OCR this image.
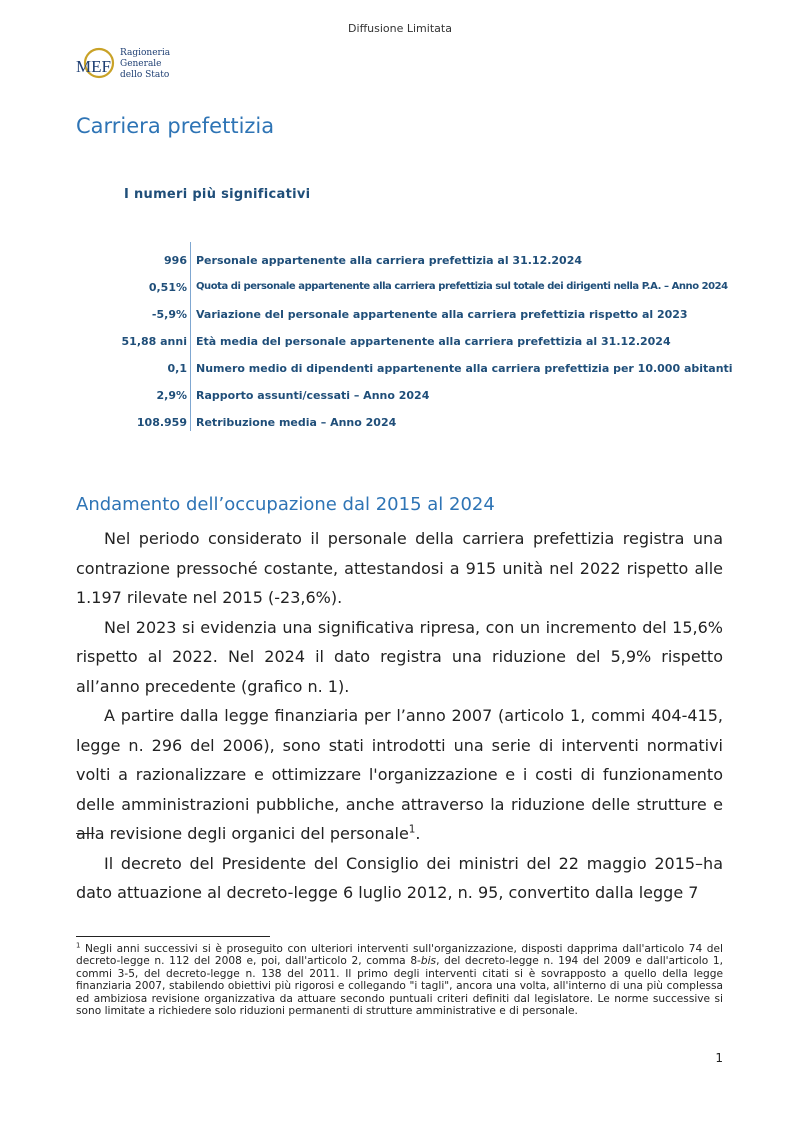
Diffusione Limitata
MEF
Ragioneria
Generale
dello Stato
Carriera prefettizia
I numeri più significativi
996 Personale appartenente alla carriera prefettizia al 31.12.2024
0,51% Quota di personale appartenente alla carriera prefettizia sul totale dei dirigenti nella P.A. – Anno 2024
-5,9% Variazione del personale appartenente alla carriera prefettizia rispetto al 2023
51,88 anni Età media del personale appartenente alla carriera prefettizia al 31.12.2024
0,1 Numero medio di dipendenti appartenente alla carriera prefettizia per 10.000 abitanti
2,9% Rapporto assunti/cessati – Anno 2024
108.959 Retribuzione media – Anno 2024
Andamento dell’occupazione dal 2015 al 2024

Nel periodo considerato il personale della carriera prefettizia registra una contrazione pressoché costante, attestandosi a 915 unità nel 2022 rispetto alle 1.197 rilevate nel 2015 (-23,6%).

Nel 2023 si evidenzia una significativa ripresa, con un incremento del 15,6% rispetto al 2022. Nel 2024 il dato registra una riduzione del 5,9% rispetto all’anno precedente (grafico n. 1).

A partire dalla legge finanziaria per l’anno 2007 (articolo 1, commi 404-415, legge n. 296 del 2006), sono stati introdotti una serie di interventi normativi volti a razionalizzare e ottimizzare l'organizzazione e i costi di funzionamento delle amministrazioni pubbliche, anche attraverso la riduzione delle strutture e alla revisione degli organici del personale$^1$.

Il decreto del Presidente del Consiglio dei ministri del 22 maggio 2015–ha dato attuazione al decreto-legge 6 luglio 2012, n. 95, convertito dalla legge 7

$^1$ Negli anni successivi si è proseguito con ulteriori interventi sull'organizzazione, disposti dapprima dall'articolo 74 del decreto-legge n. 112 del 2008 e, poi, dall'articolo 2, comma 8-bis, del decreto-legge n. 194 del 2009 e dall'articolo 1, commi 3-5, del decreto-legge n. 138 del 2011. Il primo degli interventi citati si è sovrapposto a quello della legge finanziaria 2007, stabilendo obiettivi più rigorosi e collegando "i tagli", ancora una volta, all'interno di una più complessa ed ambiziosa revisione organizzativa da attuare secondo puntuali criteri definiti dal legislatore. Le norme successive si sono limitate a richiedere solo riduzioni permanenti di strutture amministrative e di personale.

1
